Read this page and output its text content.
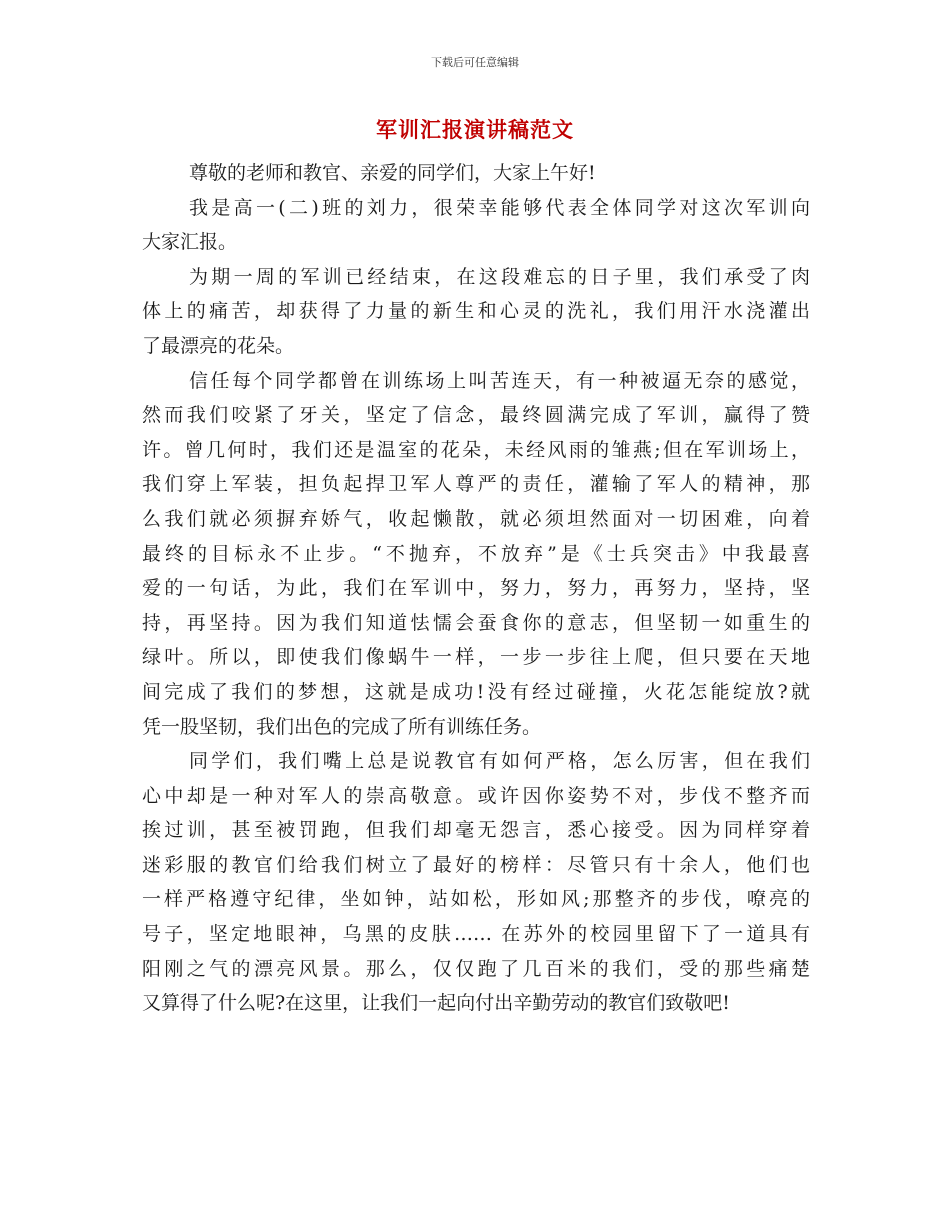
下载后可任意编辑
军训汇报演讲稿范文
尊敬的老师和教官、亲爱的同学们，大家上午好!
我是高一(二)班的刘力，很荣幸能够代表全体同学对这次军训向
大家汇报。
为期一周的军训已经结束，在这段难忘的日子里，我们承受了肉
体上的痛苦，却获得了力量的新生和心灵的洗礼，我们用汗水浇灌出
了最漂亮的花朵。
信任每个同学都曾在训练场上叫苦连天，有一种被逼无奈的感觉，
然而我们咬紧了牙关，坚定了信念，最终圆满完成了军训，赢得了赞
许。曾几何时，我们还是温室的花朵，未经风雨的雏燕;但在军训场上，
我们穿上军装，担负起捍卫军人尊严的责任，灌输了军人的精神，那
么我们就必须摒弃娇气，收起懒散，就必须坦然面对一切困难，向着
最终的目标永不止步。“不抛弃，不放弃”是《士兵突击》中我最喜
爱的一句话，为此，我们在军训中，努力，努力，再努力，坚持，坚
持，再坚持。因为我们知道怯懦会蚕食你的意志，但坚韧一如重生的
绿叶。所以，即使我们像蜗牛一样，一步一步往上爬，但只要在天地
间完成了我们的梦想，这就是成功!没有经过碰撞，火花怎能绽放?就
凭一股坚韧，我们出色的完成了所有训练任务。
同学们，我们嘴上总是说教官有如何严格，怎么厉害，但在我们
心中却是一种对军人的崇高敬意。或许因你姿势不对，步伐不整齐而
挨过训，甚至被罚跑，但我们却毫无怨言，悉心接受。因为同样穿着
迷彩服的教官们给我们树立了最好的榜样：尽管只有十余人，他们也
一样严格遵守纪律，坐如钟，站如松，形如风;那整齐的步伐，嘹亮的
号子，坚定地眼神，乌黑的皮肤…… 在苏外的校园里留下了一道具有
阳刚之气的漂亮风景。那么，仅仅跑了几百米的我们，受的那些痛楚
又算得了什么呢?在这里，让我们一起向付出辛勤劳动的教官们致敬吧!
